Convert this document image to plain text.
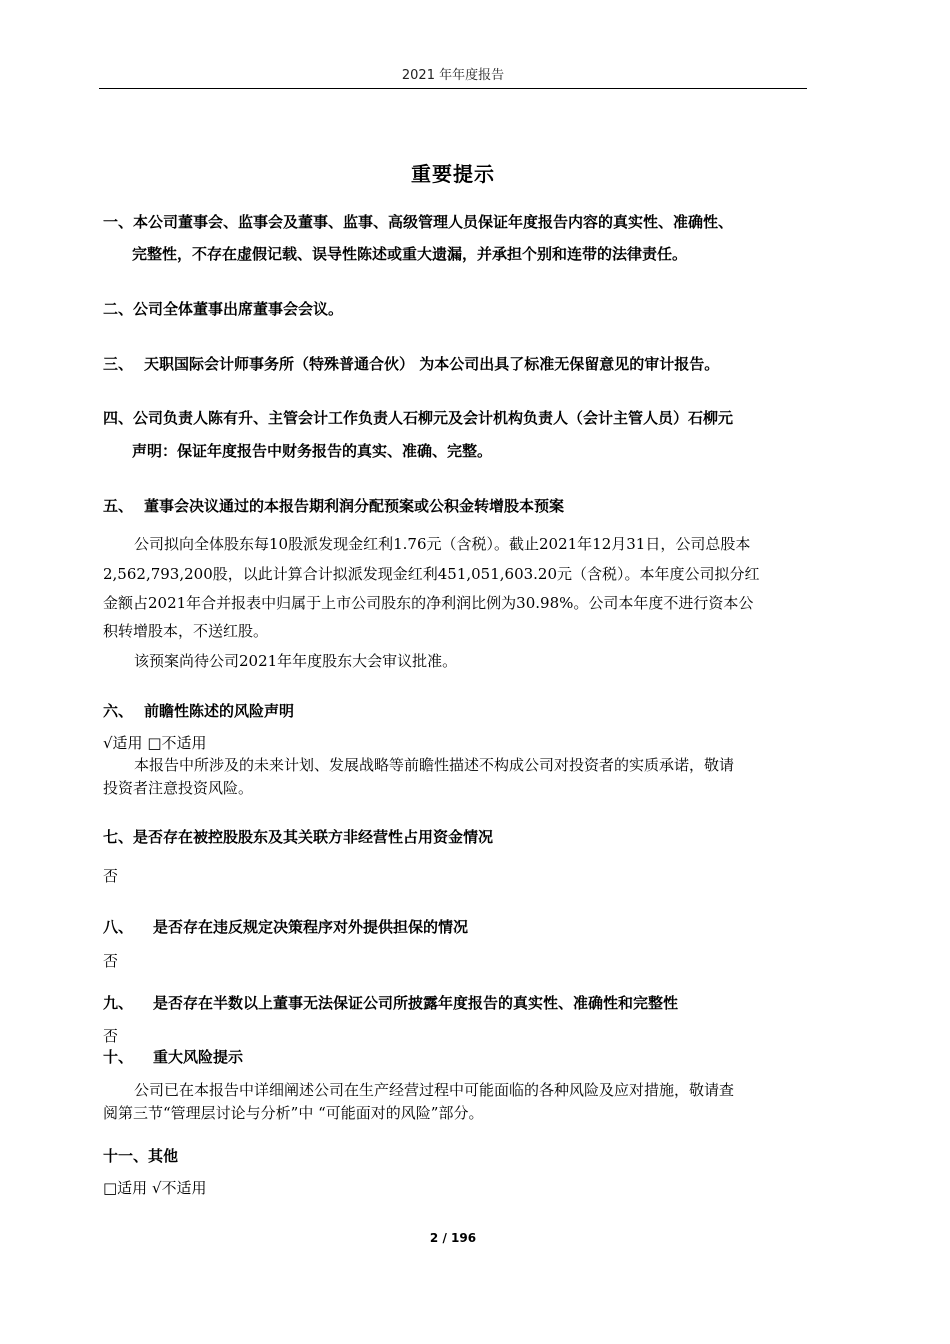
2021 年年度报告
重要提示
一、本公司董事会、监事会及董事、监事、高级管理人员保证年度报告内容的真实性、准确性、
完整性，不存在虚假记载、误导性陈述或重大遗漏，并承担个别和连带的法律责任。
二、公司全体董事出席董事会会议。
三、 天职国际会计师事务所（特殊普通合伙） 为本公司出具了标准无保留意见的审计报告。
四、公司负责人陈有升、主管会计工作负责人石柳元及会计机构负责人（会计主管人员）石柳元
声明：保证年度报告中财务报告的真实、准确、完整。
五、 董事会决议通过的本报告期利润分配预案或公积金转增股本预案
公司拟向全体股东每10股派发现金红利1.76元（含税）。截止2021年12月31日，公司总股本
2,562,793,200股，以此计算合计拟派发现金红利451,051,603.20元（含税）。本年度公司拟分红
金额占2021年合并报表中归属于上市公司股东的净利润比例为30.98%。公司本年度不进行资本公
积转增股本，不送红股。
该预案尚待公司2021年年度股东大会审议批准。
六、 前瞻性陈述的风险声明
√适用 □不适用
本报告中所涉及的未来计划、发展战略等前瞻性描述不构成公司对投资者的实质承诺，敬请
投资者注意投资风险。
七、是否存在被控股股东及其关联方非经营性占用资金情况
否
八、 是否存在违反规定决策程序对外提供担保的情况
否
九、 是否存在半数以上董事无法保证公司所披露年度报告的真实性、准确性和完整性
否
十、 重大风险提示
公司已在本报告中详细阐述公司在生产经营过程中可能面临的各种风险及应对措施，敬请查
阅第三节“管理层讨论与分析”中 “可能面对的风险”部分。
十一、其他
□适用 √不适用
2 / 196
